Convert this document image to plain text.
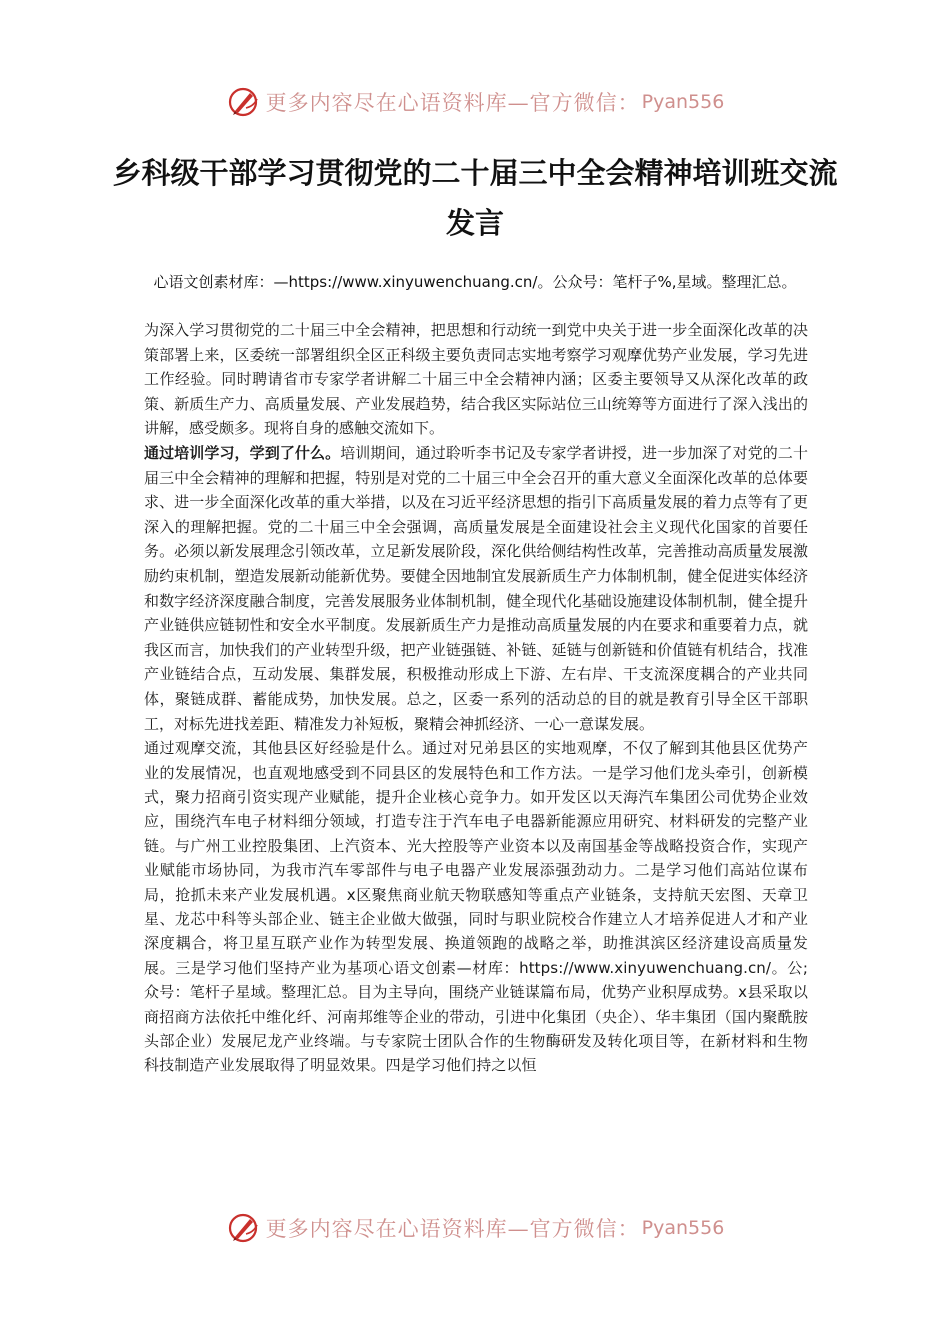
更多内容尽在心语资料库—官方微信： Pyan556
乡科级干部学习贯彻党的二十届三中全会精神培训班交流发言

心语文创素材库：—https://www.xinyuwenchuang.cn/。公众号：笔杆子%,星域。整理汇总。

为深入学习贯彻党的二十届三中全会精神，把思想和行动统一到党中央关于进一步全面深化改革的决策部署上来，区委统一部署组织全区正科级主要负责同志实地考察学习观摩优势产业发展，学习先进工作经验。同时聘请省市专家学者讲解二十届三中全会精神内涵；区委主要领导又从深化改革的政策、新质生产力、高质量发展、产业发展趋势，结合我区实际站位三山统筹等方面进行了深入浅出的讲解，感受颇多。现将自身的感触交流如下。

通过培训学习，学到了什么。培训期间，通过聆听李书记及专家学者讲授，进一步加深了对党的二十届三中全会精神的理解和把握，特别是对党的二十届三中全会召开的重大意义全面深化改革的总体要求、进一步全面深化改革的重大举措，以及在习近平经济思想的指引下高质量发展的着力点等有了更深入的理解把握。党的二十届三中全会强调，高质量发展是全面建设社会主义现代化国家的首要任务。必须以新发展理念引领改革，立足新发展阶段，深化供给侧结构性改革，完善推动高质量发展激励约束机制，塑造发展新动能新优势。要健全因地制宜发展新质生产力体制机制，健全促进实体经济和数字经济深度融合制度，完善发展服务业体制机制，健全现代化基础设施建设体制机制，健全提升产业链供应链韧性和安全水平制度。发展新质生产力是推动高质量发展的内在要求和重要着力点，就我区而言，加快我们的产业转型升级，把产业链强链、补链、延链与创新链和价值链有机结合，找准产业链结合点，互动发展、集群发展，积极推动形成上下游、左右岸、干支流深度耦合的产业共同体，聚链成群、蓄能成势，加快发展。总之，区委一系列的活动总的目的就是教育引导全区干部职工，对标先进找差距、精准发力补短板，聚精会神抓经济、一心一意谋发展。

通过观摩交流，其他县区好经验是什么。通过对兄弟县区的实地观摩，不仅了解到其他县区优势产业的发展情况，也直观地感受到不同县区的发展特色和工作方法。一是学习他们龙头牵引，创新模式，聚力招商引资实现产业赋能，提升企业核心竞争力。如开发区以天海汽车集团公司优势企业效应，围绕汽车电子材料细分领域，打造专注于汽车电子电器新能源应用研究、材料研发的完整产业链。与广州工业控股集团、上汽资本、光大控股等产业资本以及南国基金等战略投资合作，实现产业赋能市场协同，为我市汽车零部件与电子电器产业发展添强劲动力。二是学习他们高站位谋布局，抢抓未来产业发展机遇。x区聚焦商业航天物联感知等重点产业链条，支持航天宏图、天章卫星、龙芯中科等头部企业、链主企业做大做强，同时与职业院校合作建立人才培养促进人才和产业深度耦合，将卫星互联产业作为转型发展、换道领跑的战略之举，助推淇滨区经济建设高质量发展。三是学习他们坚持产业为基项心语文创素—材库：https://www.xinyuwenchuang.cn/。公;众号：笔杆子星域。整理汇总。目为主导向，围绕产业链谋篇布局，优势产业积厚成势。x县采取以商招商方法依托中维化纤、河南邦维等企业的带动，引进中化集团（央企）、华丰集团（国内聚酰胺头部企业）发展尼龙产业终端。与专家院士团队合作的生物酶研发及转化项目等，在新材料和生物科技制造产业发展取得了明显效果。四是学习他们持之以恒

更多内容尽在心语资料库—官方微信： Pyan556
